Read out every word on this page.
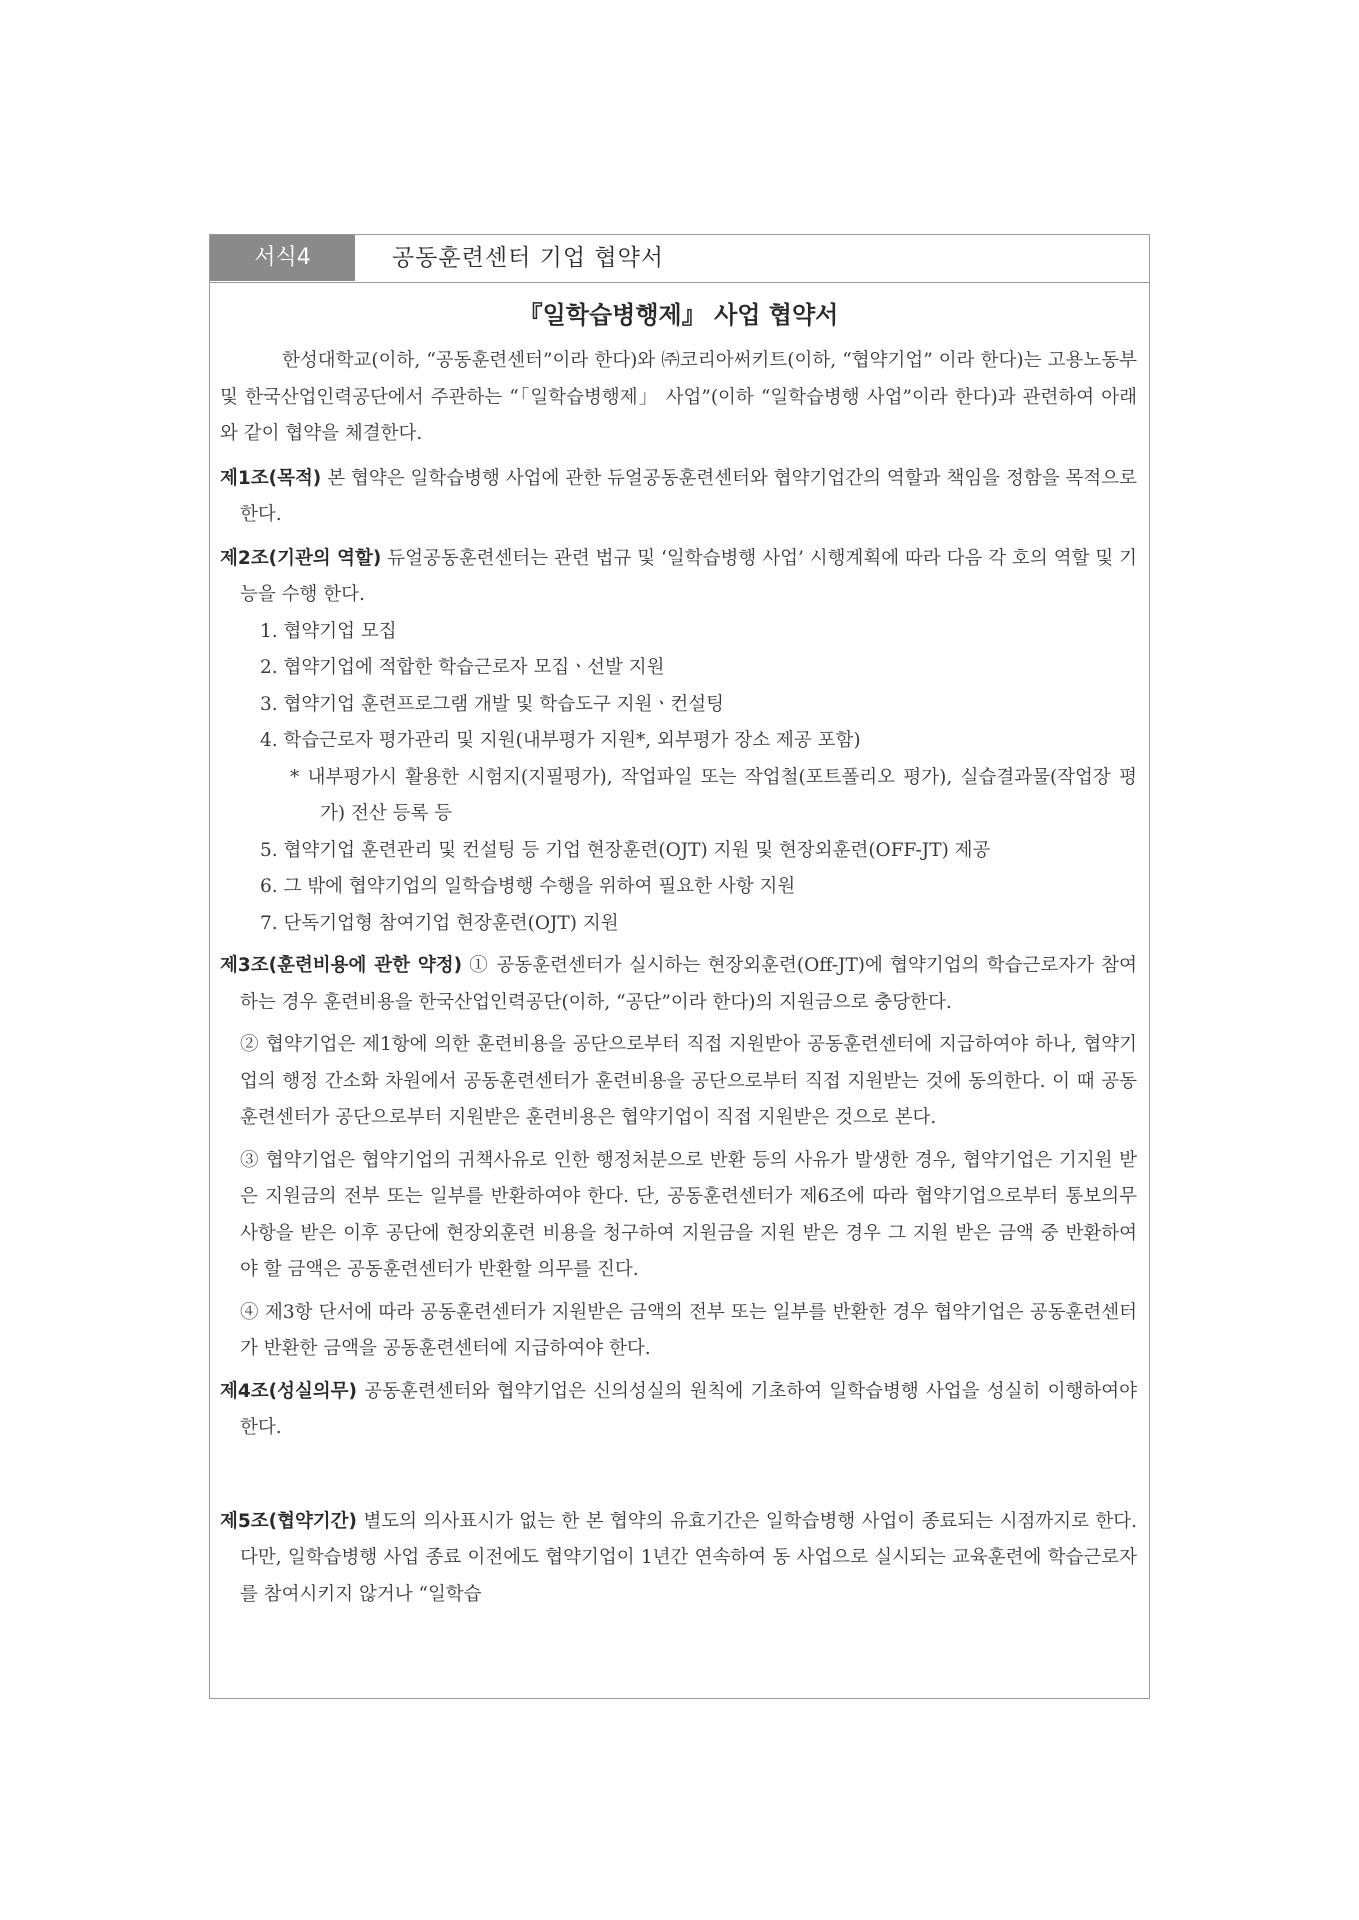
서식4	공동훈련센터 기업 협약서
『일학습병행제』 사업 협약서

한성대학교(이하, “공동훈련센터”이라 한다)와 ㈜코리아써키트(이하, “협약기업” 이라 한다)는 고용노동부 및 한국산업인력공단에서 주관하는 “「일학습병행제」 사업”(이하 “일학습병행 사업”이라 한다)과 관련하여 아래와 같이 협약을 체결한다.

제1조(목적) 본 협약은 일학습병행 사업에 관한 듀얼공동훈련센터와 협약기업간의 역할과 책임을 정함을 목적으로 한다.

제2조(기관의 역할) 듀얼공동훈련센터는 관련 법규 및 ‘일학습병행 사업’ 시행계획에 따라 다음 각 호의 역할 및 기능을 수행 한다.

1. 협약기업 모집
2. 협약기업에 적합한 학습근로자 모집ㆍ선발 지원
3. 협약기업 훈련프로그램 개발 및 학습도구 지원ㆍ컨설팅
4. 학습근로자 평가관리 및 지원(내부평가 지원*, 외부평가 장소 제공 포함)
* 내부평가시 활용한 시험지(지필평가), 작업파일 또는 작업철(포트폴리오 평가), 실습결과물(작업장 평가) 전산 등록 등
5. 협약기업 훈련관리 및 컨설팅 등 기업 현장훈련(OJT) 지원 및 현장외훈련(OFF-JT) 제공
6. 그 밖에 협약기업의 일학습병행 수행을 위하여 필요한 사항 지원
7. 단독기업형 참여기업 현장훈련(OJT) 지원

제3조(훈련비용에 관한 약정) ① 공동훈련센터가 실시하는 현장외훈련(Off-JT)에 협약기업의 학습근로자가 참여하는 경우 훈련비용을 한국산업인력공단(이하, “공단”이라 한다)의 지원금으로 충당한다.

② 협약기업은 제1항에 의한 훈련비용을 공단으로부터 직접 지원받아 공동훈련센터에 지급하여야 하나, 협약기업의 행정 간소화 차원에서 공동훈련센터가 훈련비용을 공단으로부터 직접 지원받는 것에 동의한다. 이 때 공동훈련센터가 공단으로부터 지원받은 훈련비용은 협약기업이 직접 지원받은 것으로 본다.

③ 협약기업은 협약기업의 귀책사유로 인한 행정처분으로 반환 등의 사유가 발생한 경우, 협약기업은 기지원 받은 지원금의 전부 또는 일부를 반환하여야 한다. 단, 공동훈련센터가 제6조에 따라 협약기업으로부터 통보의무 사항을 받은 이후 공단에 현장외훈련 비용을 청구하여 지원금을 지원 받은 경우 그 지원 받은 금액 중 반환하여야 할 금액은 공동훈련센터가 반환할 의무를 진다.

④ 제3항 단서에 따라 공동훈련센터가 지원받은 금액의 전부 또는 일부를 반환한 경우 협약기업은 공동훈련센터가 반환한 금액을 공동훈련센터에 지급하여야 한다.

제4조(성실의무) 공동훈련센터와 협약기업은 신의성실의 원칙에 기초하여 일학습병행 사업을 성실히 이행하여야 한다.

제5조(협약기간) 별도의 의사표시가 없는 한 본 협약의 유효기간은 일학습병행 사업이 종료되는 시점까지로 한다. 다만, 일학습병행 사업 종료 이전에도 협약기업이 1년간 연속하여 동 사업으로 실시되는 교육훈련에 학습근로자를 참여시키지 않거나 “일학습
